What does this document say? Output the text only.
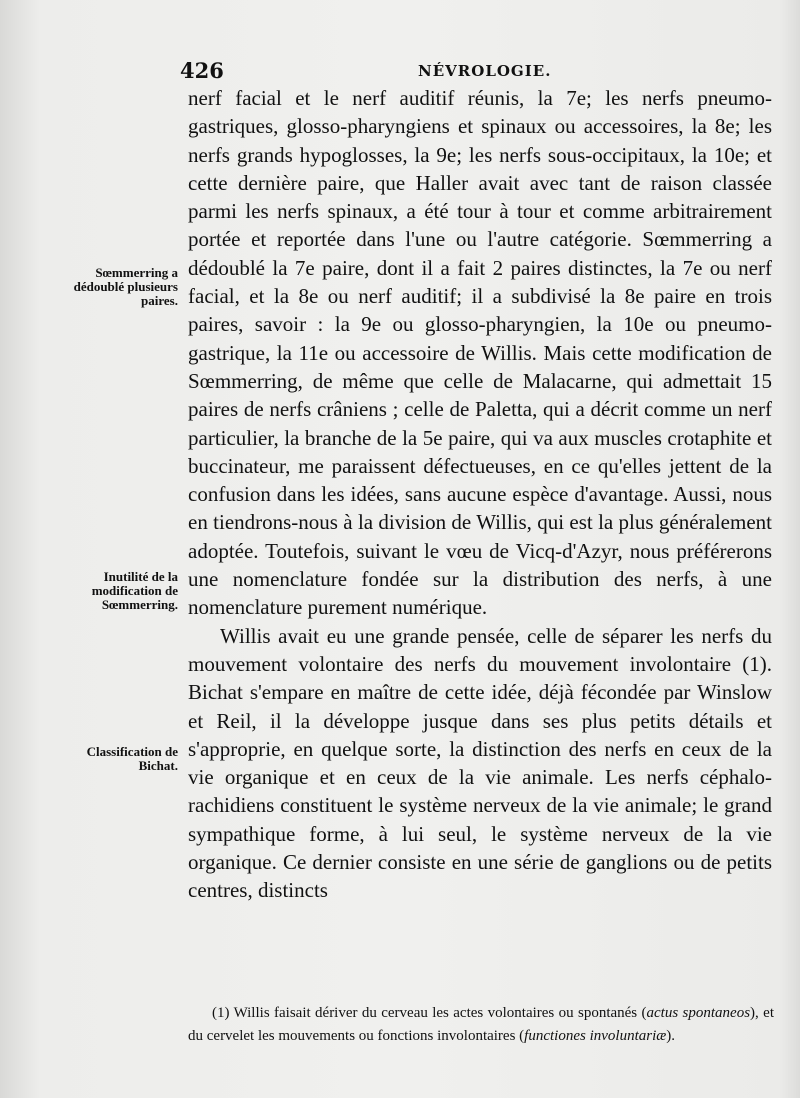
426	NÉVROLOGIE.
Sœmmerring a dédoublé plusieurs paires.
Inutilité de la modification de Sœmmerring.
Classification de Bichat.

nerf facial et le nerf auditif réunis, la 7e; les nerfs pneumo-gastriques, glosso-pharyngiens et spinaux ou accessoires, la 8e; les nerfs grands hypoglosses, la 9e; les nerfs sous-occipitaux, la 10e; et cette dernière paire, que Haller avait avec tant de raison classée parmi les nerfs spinaux, a été tour à tour et comme arbitrairement portée et reportée dans l'une ou l'autre catégorie. Sœmmerring a dédoublé la 7e paire, dont il a fait 2 paires distinctes, la 7e ou nerf facial, et la 8e ou nerf auditif; il a subdivisé la 8e paire en trois paires, savoir : la 9e ou glosso-pharyngien, la 10e ou pneumo-gastrique, la 11e ou accessoire de Willis. Mais cette modification de Sœmmerring, de même que celle de Malacarne, qui admettait 15 paires de nerfs crâniens ; celle de Paletta, qui a décrit comme un nerf particulier, la branche de la 5e paire, qui va aux muscles crotaphite et buccinateur, me paraissent défectueuses, en ce qu'elles jettent de la confusion dans les idées, sans aucune espèce d'avantage. Aussi, nous en tiendrons-nous à la division de Willis, qui est la plus généralement adoptée. Toutefois, suivant le vœu de Vicq-d'Azyr, nous préférerons une nomenclature fondée sur la distribution des nerfs, à une nomenclature purement numérique.

Willis avait eu une grande pensée, celle de séparer les nerfs du mouvement volontaire des nerfs du mouvement involontaire (1). Bichat s'empare en maître de cette idée, déjà fécondée par Winslow et Reil, il la développe jusque dans ses plus petits détails et s'approprie, en quelque sorte, la distinction des nerfs en ceux de la vie organique et en ceux de la vie animale. Les nerfs céphalo-rachidiens constituent le système nerveux de la vie animale; le grand sympathique forme, à lui seul, le système nerveux de la vie organique. Ce dernier consiste en une série de ganglions ou de petits centres, distincts

(1) Willis faisait dériver du cerveau les actes volontaires ou spontanés (actus spontaneos), et du cervelet les mouvements ou fonctions involontaires (functiones involuntariæ).
